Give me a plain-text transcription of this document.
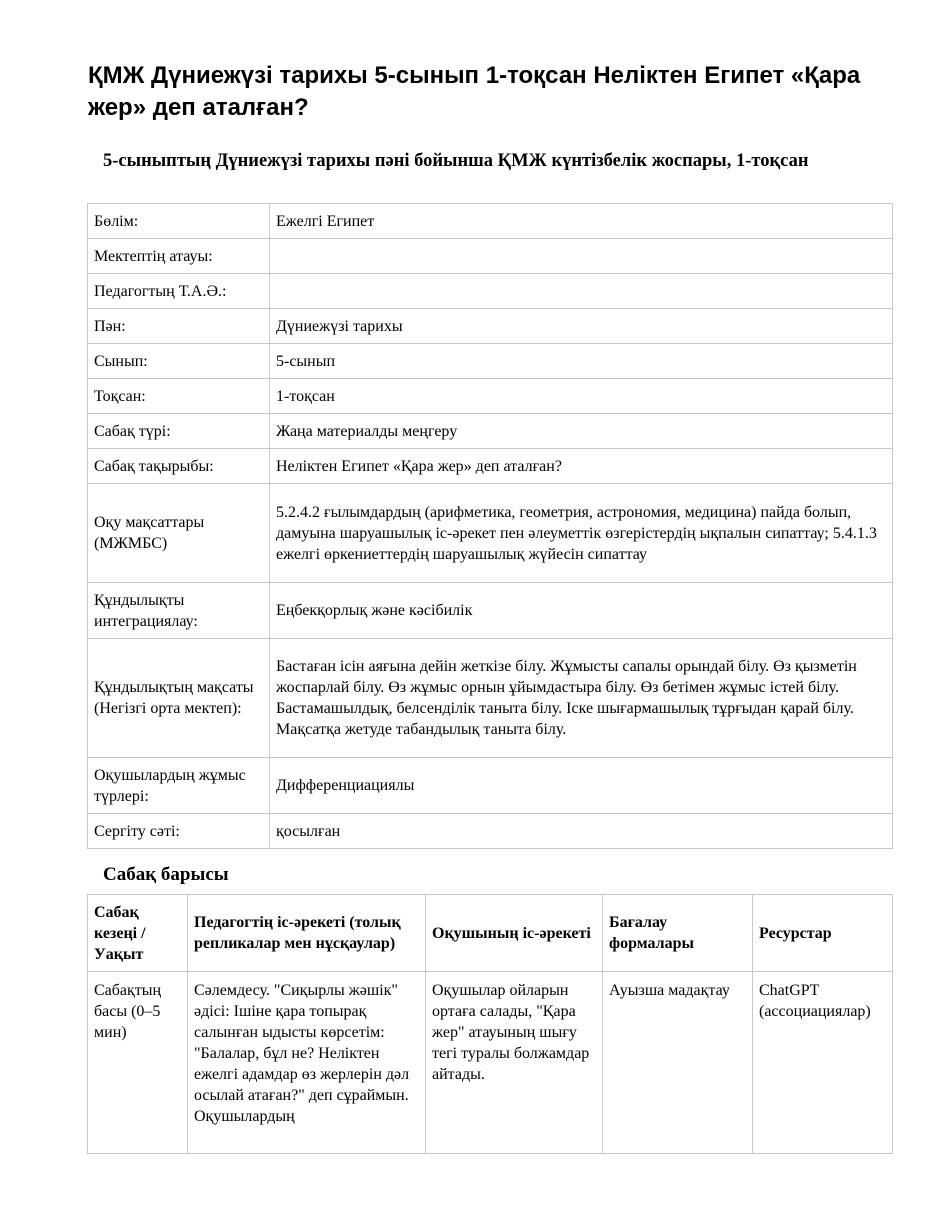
ҚМЖ Дүниежүзі тарихы 5-сынып 1-тоқсан Неліктен Египет «Қара жер» деп аталған?
5-сыныптың Дүниежүзі тарихы пәні бойынша ҚМЖ күнтізбелік жоспары, 1-тоқсан
Бөлім:	Ежелгі Египет
Мектептің атауы:	
Педагогтың Т.А.Ә.:	
Пән:	Дүниежүзі тарихы
Сынып:	5-сынып
Тоқсан:	1-тоқсан
Сабақ түрі:	Жаңа материалды меңгеру
Сабақ тақырыбы:	Неліктен Египет «Қара жер» деп аталған?
Оқу мақсаттары (МЖМБС)	5.2.4.2 ғылымдардың (арифметика, геометрия, астрономия, медицина) пайда болып, дамуына шаруашылық іс-әрекет пен әлеуметтік өзгерістердің ықпалын сипаттау; 5.4.1.3 ежелгі өркениеттердің шаруашылық жүйесін сипаттау
Құндылықты интеграциялау:	Еңбекқорлық және кәсібилік
Құндылықтың мақсаты (Негізгі орта мектеп):	Бастаған ісін аяғына дейін жеткізе білу. Жұмысты сапалы орындай білу. Өз қызметін жоспарлай білу. Өз жұмыс орнын ұйымдастыра білу. Өз бетімен жұмыс істей білу. Бастамашылдық, белсенділік таныта білу. Іске шығармашылық тұрғыдан қарай білу. Мақсатқа жетуде табандылық таныта білу.
Оқушылардың жұмыс түрлері:	Дифференциациялы
Сергіту сәті:	қосылған
Сабақ барысы
Сабақ кезеңі / Уақыт	Педагогтің іс-әрекеті (толық репликалар мен нұсқаулар)	Оқушының іс-әрекеті	Бағалау формалары	Ресурстар
Сабақтың басы (0–5 мин)	Сәлемдесу. "Сиқырлы жәшік" әдісі: Ішіне қара топырақ салынған ыдысты көрсетім: "Балалар, бұл не? Неліктен ежелгі адамдар өз жерлерін дәл осылай атаған?" деп сұраймын. Оқушылардың	Оқушылар ойларын ортаға салады, "Қара жер" атауының шығу тегі туралы болжамдар айтады.	Ауызша мадақтау	ChatGPT (ассоциациялар)
